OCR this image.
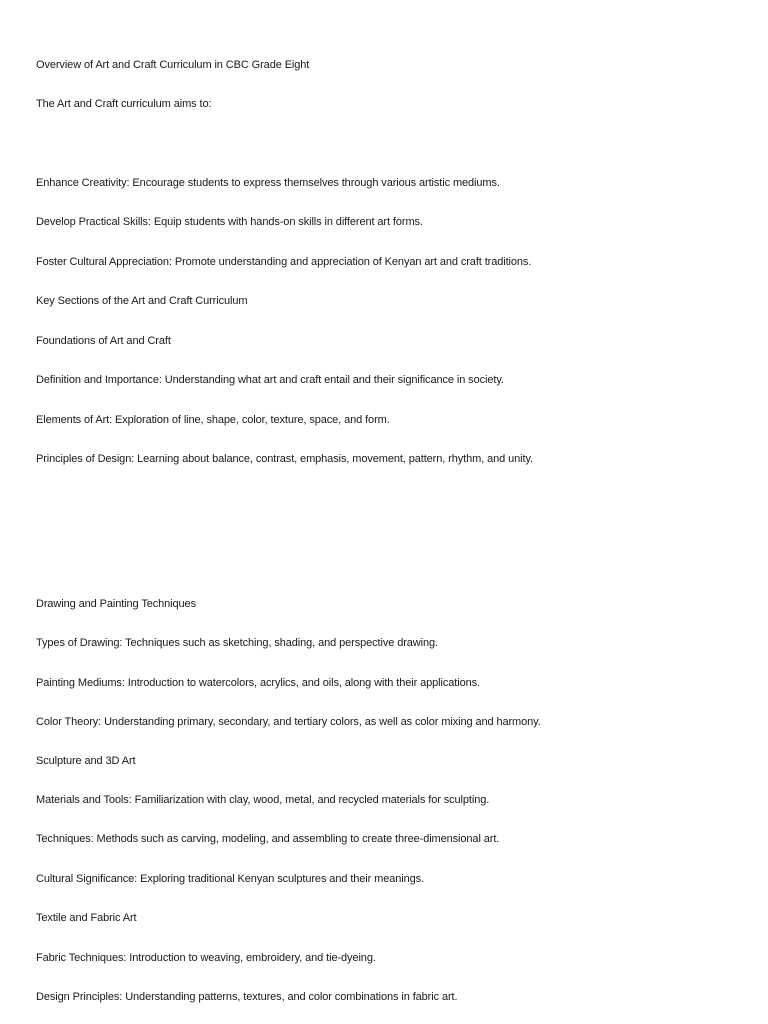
Overview of Art and Craft Curriculum in CBC Grade Eight
The Art and Craft curriculum aims to:
Enhance Creativity: Encourage students to express themselves through various artistic mediums.
Develop Practical Skills: Equip students with hands-on skills in different art forms.
Foster Cultural Appreciation: Promote understanding and appreciation of Kenyan art and craft traditions.
Key Sections of the Art and Craft Curriculum
Foundations of Art and Craft
Definition and Importance: Understanding what art and craft entail and their significance in society.
Elements of Art: Exploration of line, shape, color, texture, space, and form.
Principles of Design: Learning about balance, contrast, emphasis, movement, pattern, rhythm, and unity.
Drawing and Painting Techniques
Types of Drawing: Techniques such as sketching, shading, and perspective drawing.
Painting Mediums: Introduction to watercolors, acrylics, and oils, along with their applications.
Color Theory: Understanding primary, secondary, and tertiary colors, as well as color mixing and harmony.
Sculpture and 3D Art
Materials and Tools: Familiarization with clay, wood, metal, and recycled materials for sculpting.
Techniques: Methods such as carving, modeling, and assembling to create three-dimensional art.
Cultural Significance: Exploring traditional Kenyan sculptures and their meanings.
Textile and Fabric Art
Fabric Techniques: Introduction to weaving, embroidery, and tie-dyeing.
Design Principles: Understanding patterns, textures, and color combinations in fabric art.
